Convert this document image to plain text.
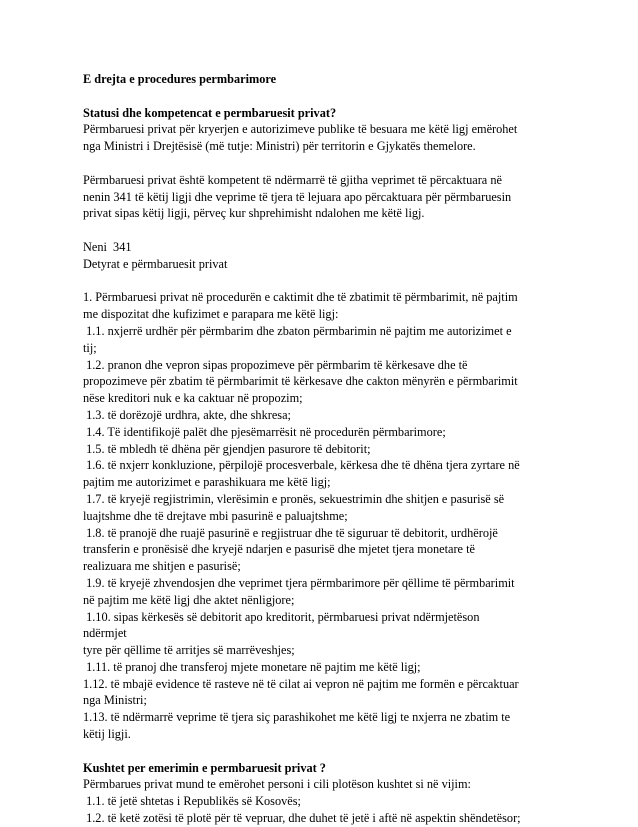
E drejta e procedures permbarimore

Statusi dhe kompetencat e permbaruesit privat?

Përmbaruesi privat për kryerjen e autorizimeve publike të besuara me këtë ligj emërohet

nga Ministri i Drejtësisë (më tutje: Ministri) për territorin e Gjykatës themelore.

Përmbaruesi privat është kompetent të ndërmarrë të gjitha veprimet të përcaktuara në

nenin 341 të këtij ligji dhe veprime të tjera të lejuara apo përcaktuara për përmbaruesin

privat sipas këtij ligji, përveç kur shprehimisht ndalohen me këtë ligj.

Neni  341

Detyrat e përmbaruesit privat

1. Përmbaruesi privat në procedurën e caktimit dhe të zbatimit të përmbarimit, në pajtim

me dispozitat dhe kufizimet e parapara me këtë ligj:

1.1. nxjerrë urdhër për përmbarim dhe zbaton përmbarimin në pajtim me autorizimet e

tij;

1.2. pranon dhe vepron sipas propozimeve për përmbarim të kërkesave dhe të

propozimeve për zbatim të përmbarimit të kërkesave dhe cakton mënyrën e përmbarimit

nëse kreditori nuk e ka caktuar në propozim;

1.3. të dorëzojë urdhra, akte, dhe shkresa;

1.4. Të identifikojë palët dhe pjesëmarrësit në procedurën përmbarimore;

1.5. të mbledh të dhëna për gjendjen pasurore të debitorit;

1.6. të nxjerr konkluzione, përpilojë procesverbale, kërkesa dhe të dhëna tjera zyrtare në

pajtim me autorizimet e parashikuara me këtë ligj;

1.7. të kryejë regjistrimin, vlerësimin e pronës, sekuestrimin dhe shitjen e pasurisë së

luajtshme dhe të drejtave mbi pasurinë e paluajtshme;

1.8. të pranojë dhe ruajë pasurinë e regjistruar dhe të siguruar të debitorit, urdhërojë

transferin e pronësisë dhe kryejë ndarjen e pasurisë dhe mjetet tjera monetare të

realizuara me shitjen e pasurisë;

1.9. të kryejë zhvendosjen dhe veprimet tjera përmbarimore për qëllime të përmbarimit

në pajtim me këtë ligj dhe aktet nënligjore;

1.10. sipas kërkesës së debitorit apo kreditorit, përmbaruesi privat ndërmjetëson

ndërmjet

tyre për qëllime të arritjes së marrëveshjes;

1.11. të pranoj dhe transferoj mjete monetare në pajtim me këtë ligj;

1.12. të mbajë evidence të rasteve në të cilat ai vepron në pajtim me formën e përcaktuar

nga Ministri;

1.13. të ndërmarrë veprime të tjera siç parashikohet me këtë ligj te nxjerra ne zbatim te

këtij ligji.

Kushtet per emerimin e permbaruesit privat ?

Përmbarues privat mund te emërohet personi i cili plotëson kushtet si në vijim:

1.1. të jetë shtetas i Republikës së Kosovës;

1.2. të ketë zotësi të plotë për të vepruar, dhe duhet të jetë i aftë në aspektin shëndetësor;
